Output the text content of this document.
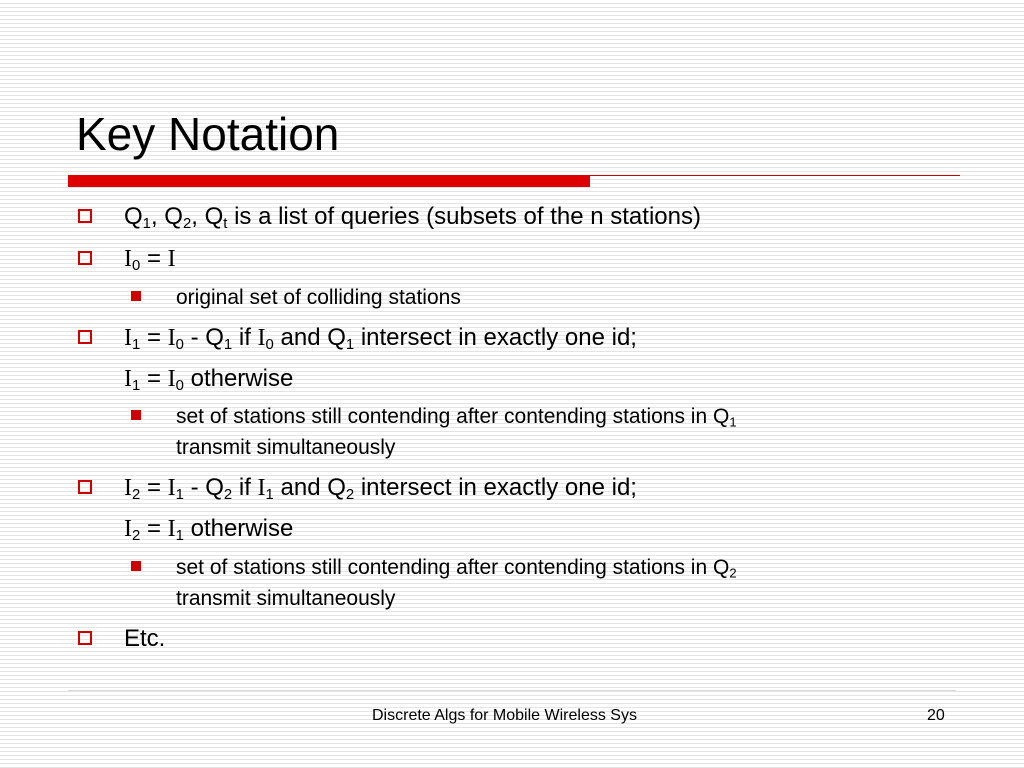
Key Notation
$Q_1$, $Q_2$, $Q_t$ is a list of queries (subsets of the n stations)
$I_0 = I$
original set of colliding stations
$I_1 = I_0 - Q_1$ if $I_0$ and $Q_1$ intersect in exactly one id;
$I_1 = I_0$ otherwise
set of stations still contending after contending stations in $Q_1$
transmit simultaneously
$I_2 = I_1 - Q_2$ if $I_1$ and $Q_2$ intersect in exactly one id;
$I_2 = I_1$ otherwise
set of stations still contending after contending stations in $Q_2$
transmit simultaneously
Etc.
Discrete Algs for Mobile Wireless Sys	20
